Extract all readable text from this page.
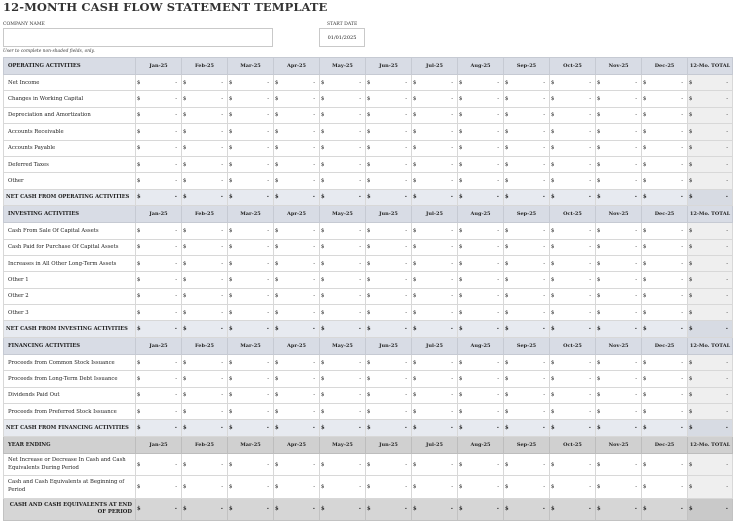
12-MONTH CASH FLOW STATEMENT TEMPLATE
COMPANY NAME	START DATE
01/01/2025
User to complete non-shaded fields, only.
OPERATING ACTIVITIES	Jan-25	Feb-25	Mar-25	Apr-25	May-25	Jun-25	Jul-25	Aug-25	Sep-25	Oct-25	Nov-25	Dec-25	12-Mo. TOTAL
Net Income	$ -	$ -	$ -	$ -	$ -	$ -	$ -	$ -	$ -	$ -	$ -	$ -	$ -

Changes in Working Capital	$ -	$ -	$ -	$ -	$ -	$ -	$ -	$ -	$ -	$ -	$ -	$ -	$ -

Depreciation and Amortization	$ -	$ -	$ -	$ -	$ -	$ -	$ -	$ -	$ -	$ -	$ -	$ -	$ -

Accounts Receivable	$ -	$ -	$ -	$ -	$ -	$ -	$ -	$ -	$ -	$ -	$ -	$ -	$ -

Accounts Payable	$ -	$ -	$ -	$ -	$ -	$ -	$ -	$ -	$ -	$ -	$ -	$ -	$ -

Deferred Taxes	$ -	$ -	$ -	$ -	$ -	$ -	$ -	$ -	$ -	$ -	$ -	$ -	$ -

Other	$ -	$ -	$ -	$ -	$ -	$ -	$ -	$ -	$ -	$ -	$ -	$ -	$ -

NET CASH FROM OPERATING ACTIVITIES	$ -	$ -	$ -	$ -	$ -	$ -	$ -	$ -	$ -	$ -	$ -	$ -	$ -

INVESTING ACTIVITIES	Jan-25	Feb-25	Mar-25	Apr-25	May-25	Jun-25	Jul-25	Aug-25	Sep-25	Oct-25	Nov-25	Dec-25	12-Mo. TOTAL
Cash From Sale Of Capital Assets	$ -	$ -	$ -	$ -	$ -	$ -	$ -	$ -	$ -	$ -	$ -	$ -	$ -

Cash Paid for Purchase Of Capital Assets	$ -	$ -	$ -	$ -	$ -	$ -	$ -	$ -	$ -	$ -	$ -	$ -	$ -

Increases in All Other Long-Term Assets	$ -	$ -	$ -	$ -	$ -	$ -	$ -	$ -	$ -	$ -	$ -	$ -	$ -

Other 1	$ -	$ -	$ -	$ -	$ -	$ -	$ -	$ -	$ -	$ -	$ -	$ -	$ -

Other 2	$ -	$ -	$ -	$ -	$ -	$ -	$ -	$ -	$ -	$ -	$ -	$ -	$ -

Other 3	$ -	$ -	$ -	$ -	$ -	$ -	$ -	$ -	$ -	$ -	$ -	$ -	$ -

NET CASH FROM INVESTING ACTIVITIES	$ -	$ -	$ -	$ -	$ -	$ -	$ -	$ -	$ -	$ -	$ -	$ -	$ -

FINANCING ACTIVITIES	Jan-25	Feb-25	Mar-25	Apr-25	May-25	Jun-25	Jul-25	Aug-25	Sep-25	Oct-25	Nov-25	Dec-25	12-Mo. TOTAL
Proceeds from Common Stock Issuance	$ -	$ -	$ -	$ -	$ -	$ -	$ -	$ -	$ -	$ -	$ -	$ -	$ -

Proceeds from Long-Term Debt Issuance	$ -	$ -	$ -	$ -	$ -	$ -	$ -	$ -	$ -	$ -	$ -	$ -	$ -

Dividends Paid Out	$ -	$ -	$ -	$ -	$ -	$ -	$ -	$ -	$ -	$ -	$ -	$ -	$ -

Proceeds from Preferred Stock Issuance	$ -	$ -	$ -	$ -	$ -	$ -	$ -	$ -	$ -	$ -	$ -	$ -	$ -

NET CASH FROM FINANCING ACTIVITIES	$ -	$ -	$ -	$ -	$ -	$ -	$ -	$ -	$ -	$ -	$ -	$ -	$ -

YEAR ENDING	Jan-25	Feb-25	Mar-25	Apr-25	May-25	Jun-25	Jul-25	Aug-25	Sep-25	Oct-25	Nov-25	Dec-25	12-Mo. TOTAL
Net Increase or Decrease In Cash and Cash Equivalents During Period	$ -	$ -	$ -	$ -	$ -	$ -	$ -	$ -	$ -	$ -	$ -	$ -	$ -

Cash and Cash Equivalents at Beginning of Period	$ -	$ -	$ -	$ -	$ -	$ -	$ -	$ -	$ -	$ -	$ -	$ -	$ -

CASH AND CASH EQUIVALENTS AT END OF PERIOD	$ -	$ -	$ -	$ -	$ -	$ -	$ -	$ -	$ -	$ -	$ -	$ -	$ -
